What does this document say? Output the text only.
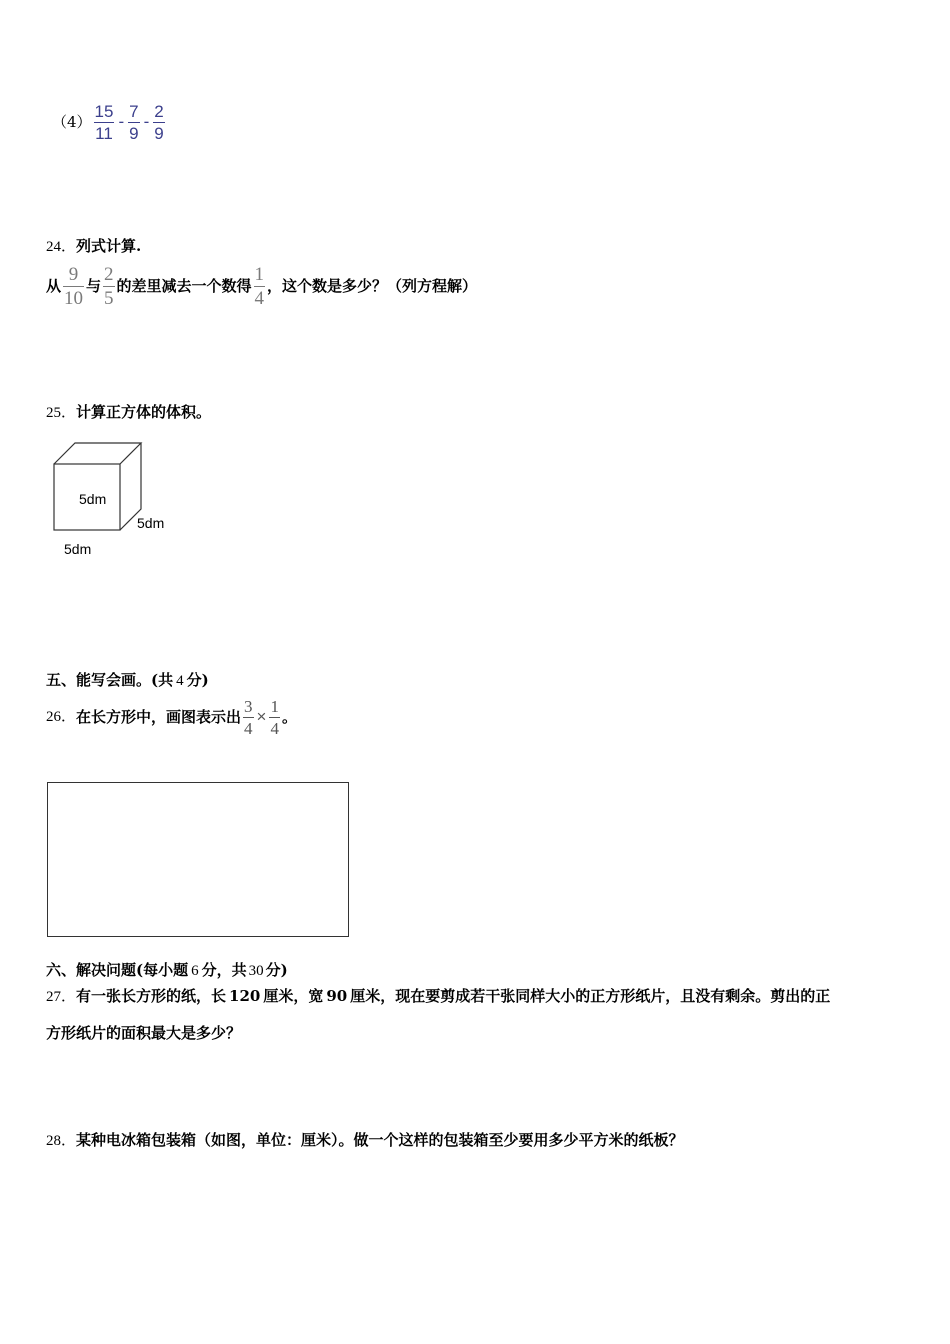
$(4) \frac{15}{11} - \frac{7}{9} - \frac{2}{9}$
24．列式计算.
从 $\frac{9}{10}$ 与 $\frac{2}{5}$ 的差里减去一个数得 $\frac{1}{4}$ ，这个数是多少？（列方程解）
25．计算正方体的体积。
5dm
5dm
5dm
五、能写会画。(共 4 分)
26． 在长方形中，画图表示出 $\frac{3}{4} \times \frac{1}{4}$ 。
六、解决问题(每小题 6 分，共 30 分)
27．有一张长方形的纸，长 120 厘米，宽 90 厘米，现在要剪成若干张同样大小的正方形纸片，且没有剩余。剪出的正
方形纸片的面积最大是多少？
28．某种电冰箱包装箱（如图，单位：厘米）。做一个这样的包装箱至少要用多少平方米的纸板？
